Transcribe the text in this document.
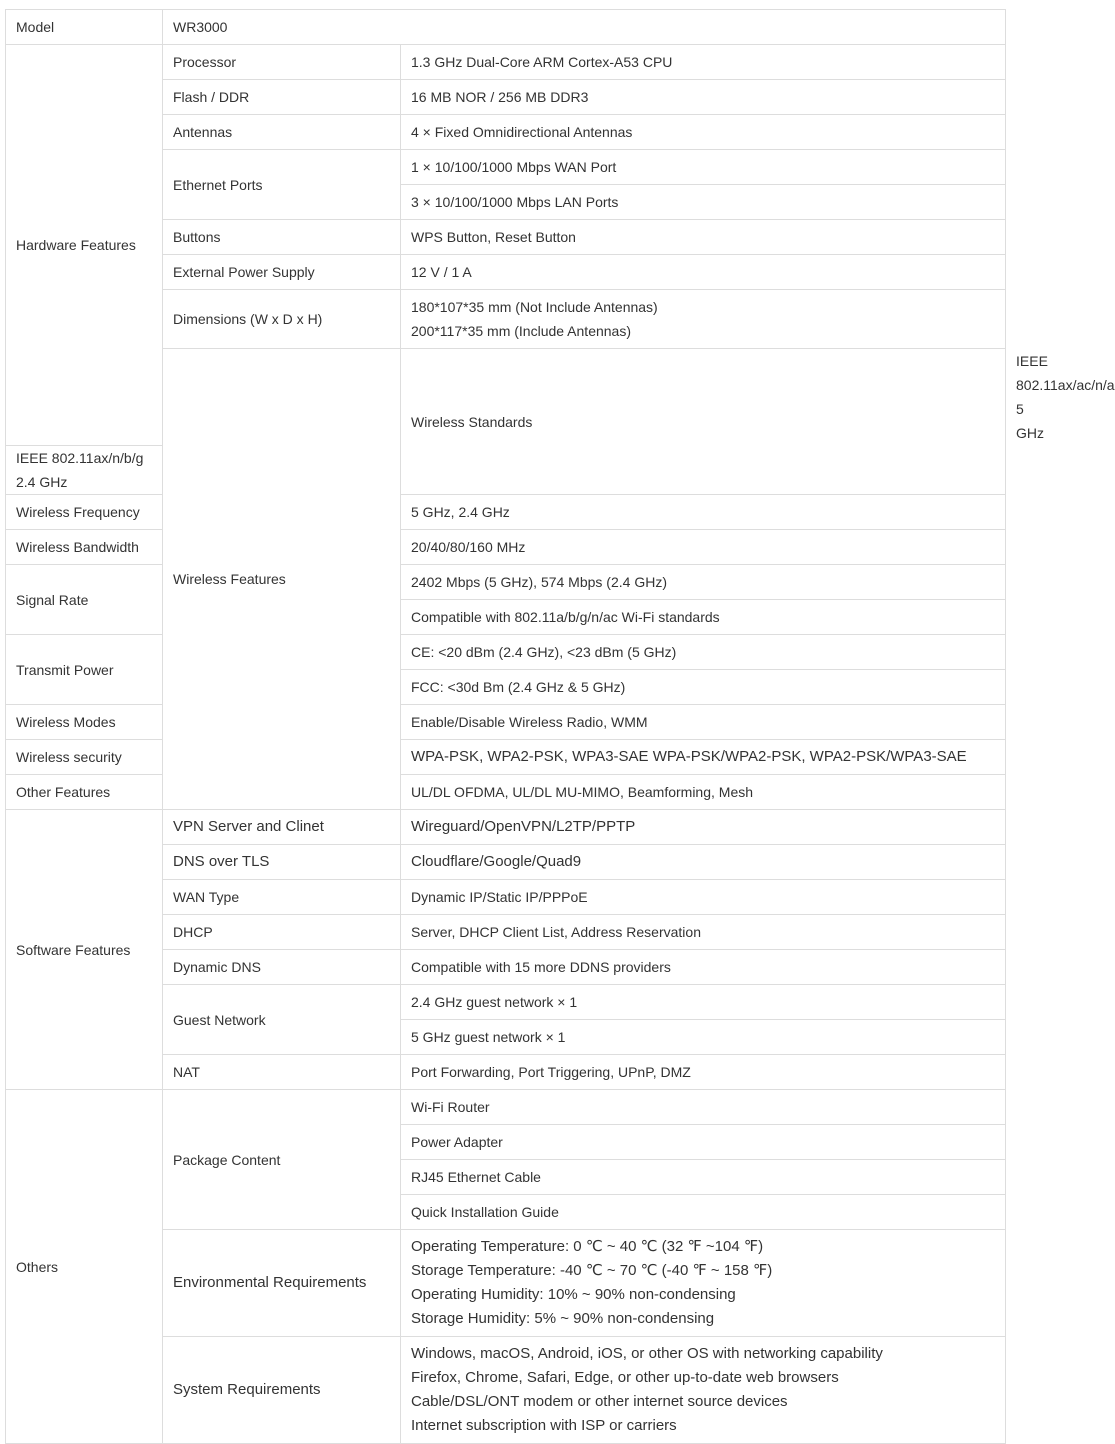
Model	WR3000		
Hardware Features	Processor	1.3 GHz Dual-Core ARM Cortex-A53 CPU	
	Flash / DDR	16 MB NOR / 256 MB DDR3	
	Antennas	4 × Fixed Omnidirectional Antennas	
	Ethernet Ports	1 × 10/100/1000 Mbps WAN Port	
		3 × 10/100/1000 Mbps LAN Ports	
	Buttons	WPS Button, Reset Button	
	External Power Supply	12 V / 1 A	
	Dimensions (W x D x H)	180*107*35 mm (Not Include Antennas)
200*117*35 mm (Include Antennas)	
	Wireless Features	Wireless Standards	IEEE 802.11ax/ac/n/a 5 GHz
IEEE 802.11ax/n/b/g 2.4 GHz			
Wireless Frequency		5 GHz, 2.4 GHz	
Wireless Bandwidth		20/40/80/160 MHz	
Signal Rate		2402 Mbps (5 GHz), 574 Mbps (2.4 GHz)	
		Compatible with 802.11a/b/g/n/ac Wi-Fi standards	
Transmit Power		CE: <20 dBm (2.4 GHz), <23 dBm (5 GHz)	
		FCC: <30d Bm (2.4 GHz & 5 GHz)	
Wireless Modes		Enable/Disable Wireless Radio, WMM	
Wireless security		WPA-PSK, WPA2-PSK, WPA3-SAE WPA-PSK/WPA2-PSK, WPA2-PSK/WPA3-SAE	
Other Features		UL/DL OFDMA, UL/DL MU-MIMO, Beamforming, Mesh	
Software Features	VPN Server and Clinet	Wireguard/OpenVPN/L2TP/PPTP	
	DNS over TLS	Cloudflare/Google/Quad9	
	WAN Type	Dynamic IP/Static IP/PPPoE	
	DHCP	Server, DHCP Client List, Address Reservation	
	Dynamic DNS	Compatible with 15 more DDNS providers	
	Guest Network	2.4 GHz guest network × 1	
		5 GHz guest network × 1	
	NAT	Port Forwarding, Port Triggering, UPnP, DMZ	
Others	Package Content	Wi-Fi Router	
		Power Adapter	
		RJ45 Ethernet Cable	
		Quick Installation Guide	
	Environmental Requirements	Operating Temperature: 0 ℃ ~ 40 ℃ (32 ℉ ~104 ℉)
Storage Temperature: -40 ℃ ~ 70 ℃ (-40 ℉ ~ 158 ℉)
Operating Humidity: 10% ~ 90% non-condensing
Storage Humidity: 5% ~ 90% non-condensing	
	System Requirements	Windows, macOS, Android, iOS, or other OS with networking capability
Firefox, Chrome, Safari, Edge, or other up-to-date web browsers
Cable/DSL/ONT modem or other internet source devices
Internet subscription with ISP or carriers	
